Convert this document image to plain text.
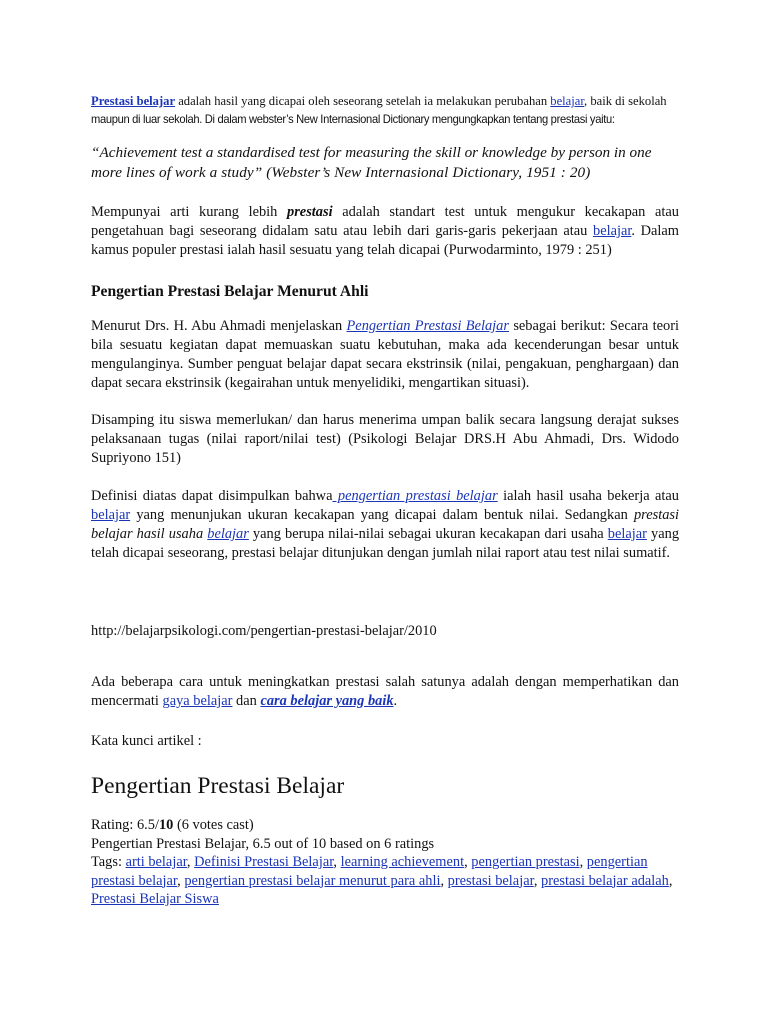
Prestasi belajar adalah hasil yang dicapai oleh seseorang setelah ia melakukan perubahan belajar, baik di sekolah
maupun di luar sekolah. Di dalam webster’s New Internasional Dictionary mengungkapkan tentang prestasi yaitu:

“Achievement test a standardised test for measuring the skill or knowledge by person in one
more lines of work a study” (Webster’s New Internasional Dictionary, 1951 : 20)

Mempunyai arti kurang lebih prestasi adalah standart test untuk mengukur kecakapan atau pengetahuan bagi seseorang didalam satu atau lebih dari garis-garis pekerjaan atau belajar. Dalam kamus populer prestasi ialah hasil sesuatu yang telah dicapai (Purwodarminto, 1979 : 251)

Pengertian Prestasi Belajar Menurut Ahli

Menurut Drs. H. Abu Ahmadi menjelaskan Pengertian Prestasi Belajar sebagai berikut: Secara teori bila sesuatu kegiatan dapat memuaskan suatu kebutuhan, maka ada kecenderungan besar untuk mengulanginya. Sumber penguat belajar dapat secara ekstrinsik (nilai, pengakuan, penghargaan) dan dapat secara ekstrinsik (kegairahan untuk menyelidiki, mengartikan situasi).

Disamping itu siswa memerlukan/ dan harus menerima umpan balik secara langsung derajat sukses pelaksanaan tugas (nilai raport/nilai test) (Psikologi Belajar DRS.H Abu Ahmadi, Drs. Widodo Supriyono 151)

Definisi diatas dapat disimpulkan bahwa pengertian prestasi belajar ialah hasil usaha bekerja atau belajar yang menunjukan ukuran kecakapan yang dicapai dalam bentuk nilai. Sedangkan prestasi belajar hasil usaha belajar yang berupa nilai-nilai sebagai ukuran kecakapan dari usaha belajar yang telah dicapai seseorang, prestasi belajar ditunjukan dengan jumlah nilai raport atau test nilai sumatif.

http://belajarpsikologi.com/pengertian-prestasi-belajar/2010

Ada beberapa cara untuk meningkatkan prestasi salah satunya adalah dengan memperhatikan dan mencermati gaya belajar dan cara belajar yang baik.

Kata kunci artikel :

Pengertian Prestasi Belajar

Rating: 6.5/10 (6 votes cast)
Pengertian Prestasi Belajar, 6.5 out of 10 based on 6 ratings

Tags: arti belajar, Definisi Prestasi Belajar, learning achievement, pengertian prestasi, pengertian prestasi belajar, pengertian prestasi belajar menurut para ahli, prestasi belajar, prestasi belajar adalah, Prestasi Belajar Siswa
